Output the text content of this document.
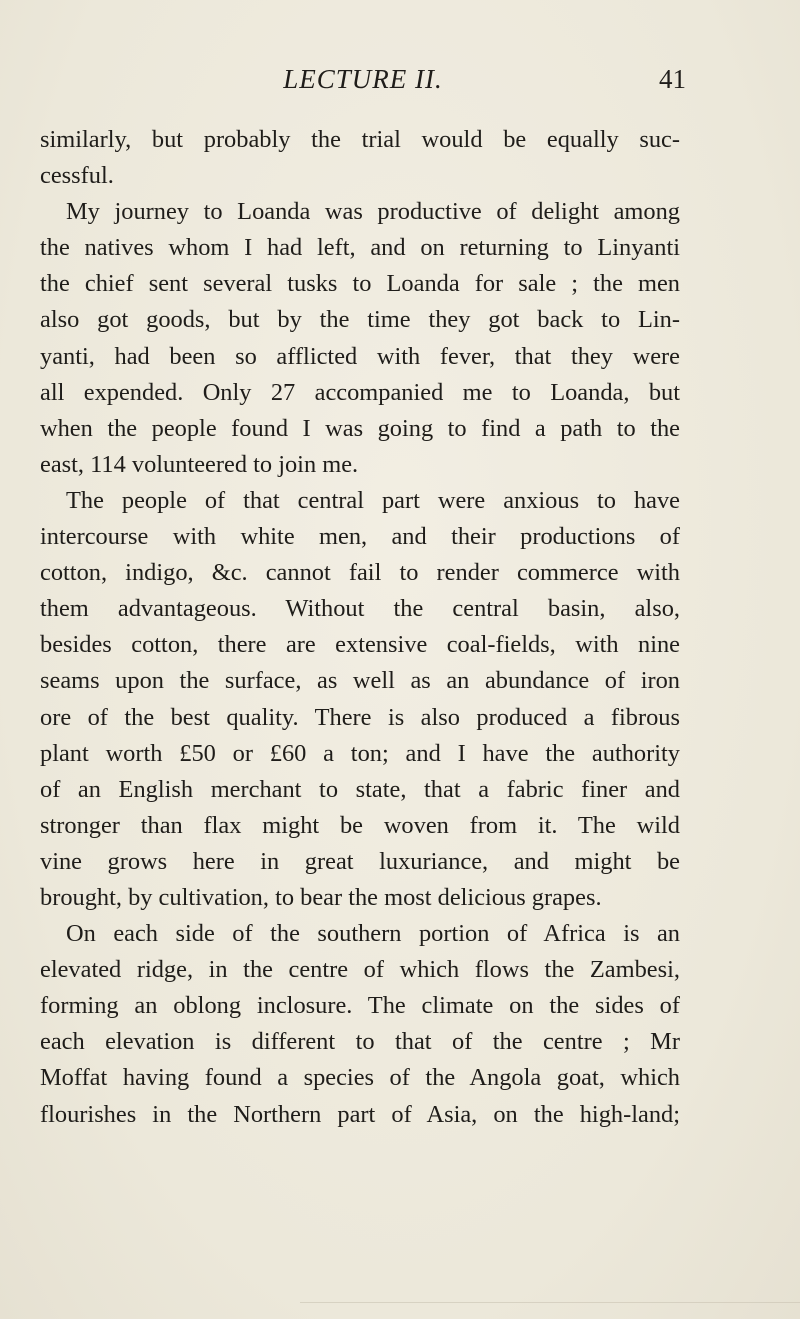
LECTURE II.	41
similarly, but probably the trial would be equally suc-
cessful.
My journey to Loanda was productive of delight among
the natives whom I had left, and on returning to Linyanti
the chief sent several tusks to Loanda for sale ; the men
also got goods, but by the time they got back to Lin-
yanti, had been so afflicted with fever, that they were
all expended. Only 27 accompanied me to Loanda, but
when the people found I was going to find a path to the
east, 114 volunteered to join me.
The people of that central part were anxious to have
intercourse with white men, and their productions of
cotton, indigo, &c. cannot fail to render commerce with
them advantageous. Without the central basin, also,
besides cotton, there are extensive coal-fields, with nine
seams upon the surface, as well as an abundance of iron
ore of the best quality. There is also produced a fibrous
plant worth £50 or £60 a ton; and I have the authority
of an English merchant to state, that a fabric finer and
stronger than flax might be woven from it. The wild
vine grows here in great luxuriance, and might be
brought, by cultivation, to bear the most delicious grapes.
On each side of the southern portion of Africa is an
elevated ridge, in the centre of which flows the Zambesi,
forming an oblong inclosure. The climate on the sides of
each elevation is different to that of the centre ; Mr
Moffat having found a species of the Angola goat, which
flourishes in the Northern part of Asia, on the high-land;
